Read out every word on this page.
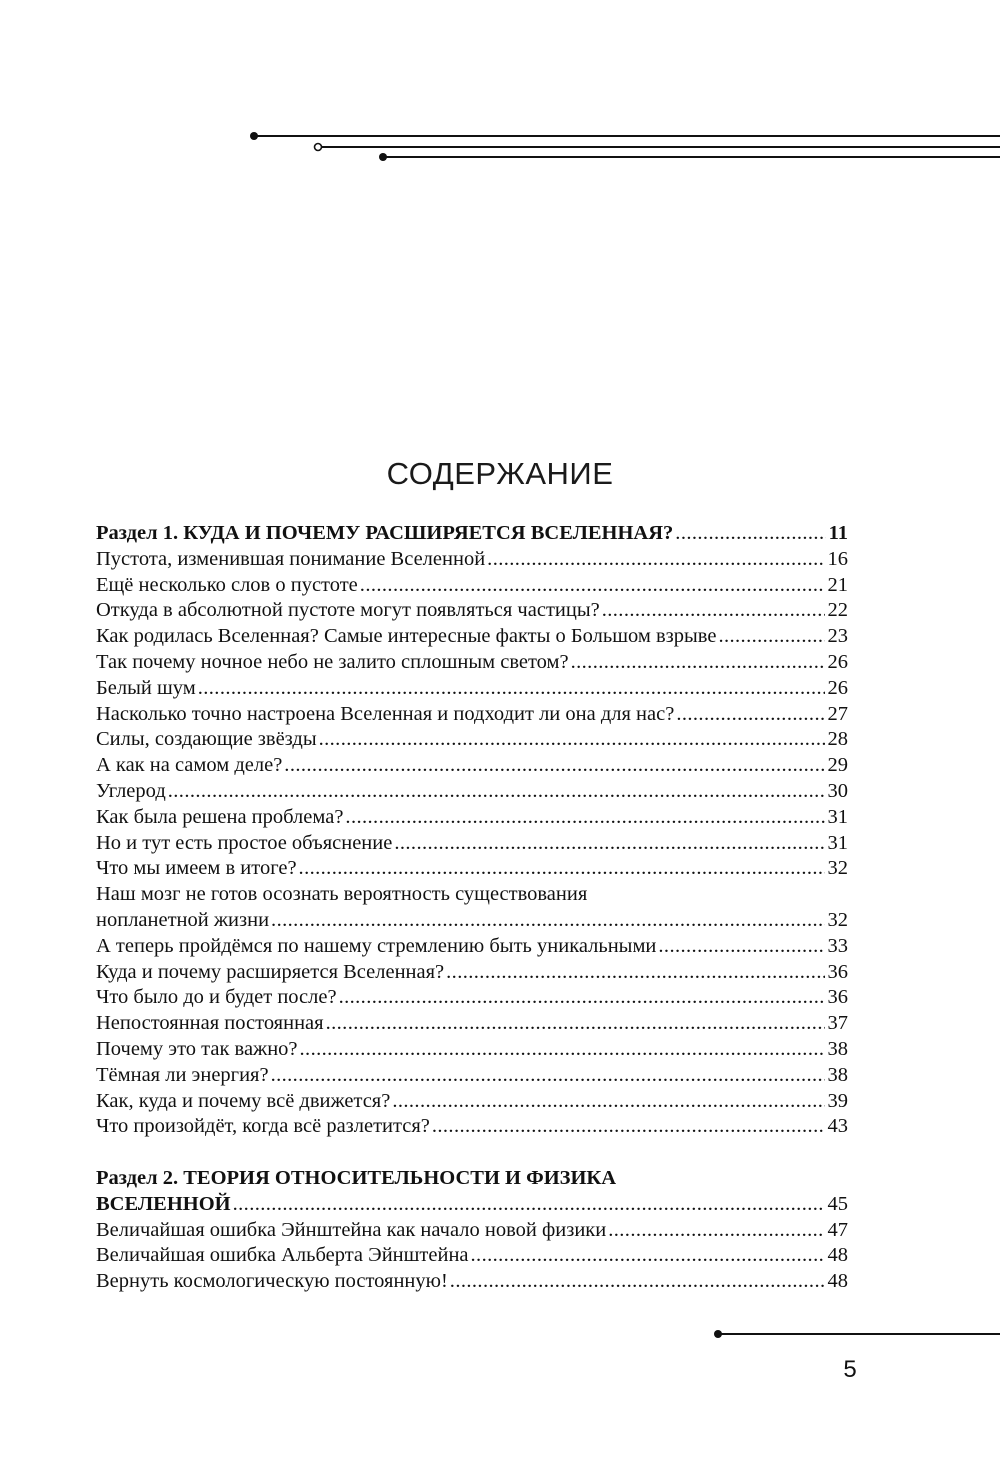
СОДЕРЖАНИЕ
Раздел 1. КУДА И ПОЧЕМУ РАСШИРЯЕТСЯ ВСЕЛЕННАЯ? .....	11
Пустота, изменившая понимание Вселенной .....	16
Ещё несколько слов о пустоте .....	21
Откуда в абсолютной пустоте могут появляться частицы? .....	22
Как родилась Вселенная? Самые интересные факты о Большом взрыве .....	23
Так почему ночное небо не залито сплошным светом? .....	26
Белый шум .....	26
Насколько точно настроена Вселенная и подходит ли она для нас? .....	27
Силы, создающие звёзды .....	28
А как на самом деле? .....	29
Углерод .....	30
Как была решена проблема? .....	31
Но и тут есть простое объяснение .....	31
Что мы имеем в итоге? .....	32
Наш мозг не готов осознать вероятность существования
нопланетной жизни .....	32
А теперь пройдёмся по нашему стремлению быть уникальными .....	33
Куда и почему расширяется Вселенная? .....	36
Что было до и будет после? .....	36
Непостоянная постоянная .....	37
Почему это так важно? .....	38
Тёмная ли энергия? .....	38
Как, куда и почему всё движется? .....	39
Что произойдёт, когда всё разлетится? .....	43
Раздел 2. ТЕОРИЯ ОТНОСИТЕЛЬНОСТИ И ФИЗИКА
ВСЕЛЕННОЙ .....	45
Величайшая ошибка Эйнштейна как начало новой физики .....	47
Величайшая ошибка Альберта Эйнштейна .....	48
Вернуть космологическую постоянную! .....	48
5
